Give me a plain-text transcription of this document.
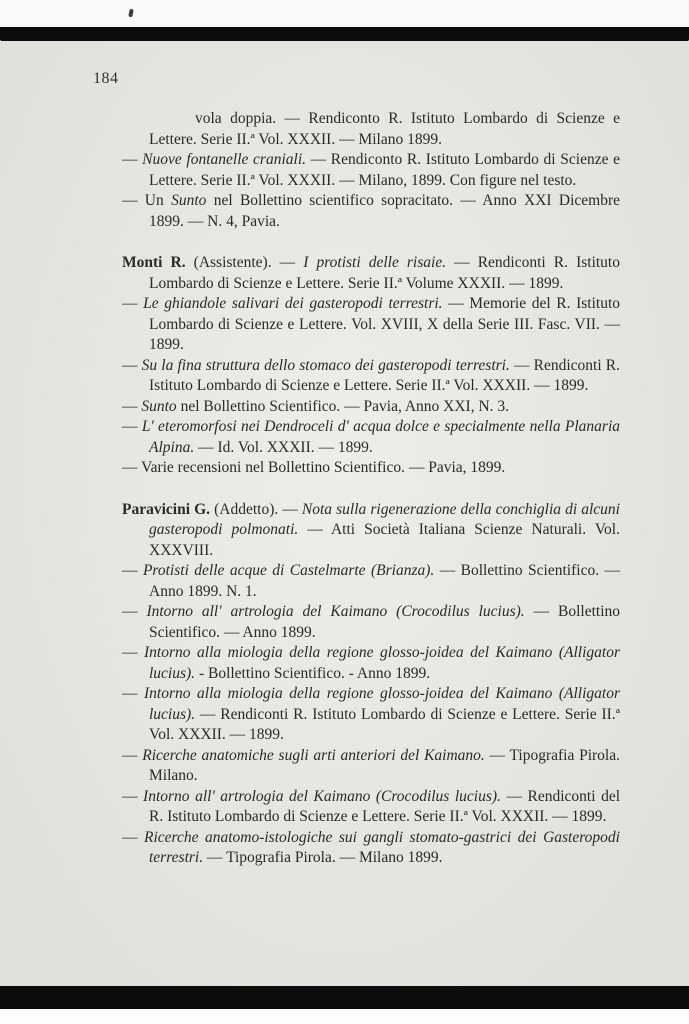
184

vola doppia. — Rendiconto R. Istituto Lombardo di Scienze e Lettere. Serie II.ª Vol. XXXII. — Milano 1899.

— Nuove fontanelle craniali. — Rendiconto R. Istituto Lombardo di Scienze e Lettere. Serie II.ª Vol. XXXII. — Milano, 1899. Con figure nel testo.

— Un Sunto nel Bollettino scientifico sopracitato. — Anno XXI Dicembre 1899. — N. 4, Pavia.

Monti R. (Assistente). — I protisti delle risaie. — Rendiconti R. Istituto Lombardo di Scienze e Lettere. Serie II.ª Volume XXXII. — 1899.

— Le ghiandole salivari dei gasteropodi terrestri. — Memorie del R. Istituto Lombardo di Scienze e Lettere. Vol. XVIII, X della Serie III. Fasc. VII. — 1899.

— Su la fina struttura dello stomaco dei gasteropodi terrestri. — Rendiconti R. Istituto Lombardo di Scienze e Lettere. Serie II.ª Vol. XXXII. — 1899.

— Sunto nel Bollettino Scientifico. — Pavia, Anno XXI, N. 3.

— L' eteromorfosi nei Dendroceli d' acqua dolce e specialmente nella Planaria Alpina. — Id. Vol. XXXII. — 1899.

— Varie recensioni nel Bollettino Scientifico. — Pavia, 1899.

Paravicini G. (Addetto). — Nota sulla rigenerazione della conchiglia di alcuni gasteropodi polmonati. — Atti Società Italiana Scienze Naturali. Vol. XXXVIII.

— Protisti delle acque di Castelmarte (Brianza). — Bollettino Scientifico. — Anno 1899. N. 1.

— Intorno all' artrologia del Kaimano (Crocodilus lucius). — Bollettino Scientifico. — Anno 1899.

— Intorno alla miologia della regione glosso-joidea del Kaimano (Alligator lucius). - Bollettino Scientifico. - Anno 1899.

— Intorno alla miologia della regione glosso-joidea del Kaimano (Alligator lucius). — Rendiconti R. Istituto Lombardo di Scienze e Lettere. Serie II.ª Vol. XXXII. — 1899.

— Ricerche anatomiche sugli arti anteriori del Kaimano. — Tipografia Pirola. Milano.

— Intorno all' artrologia del Kaimano (Crocodilus lucius). — Rendiconti del R. Istituto Lombardo di Scienze e Lettere. Serie II.ª Vol. XXXII. — 1899.

— Ricerche anatomo-istologiche sui gangli stomato-gastrici dei Gasteropodi terrestri. — Tipografia Pirola. — Milano 1899.
